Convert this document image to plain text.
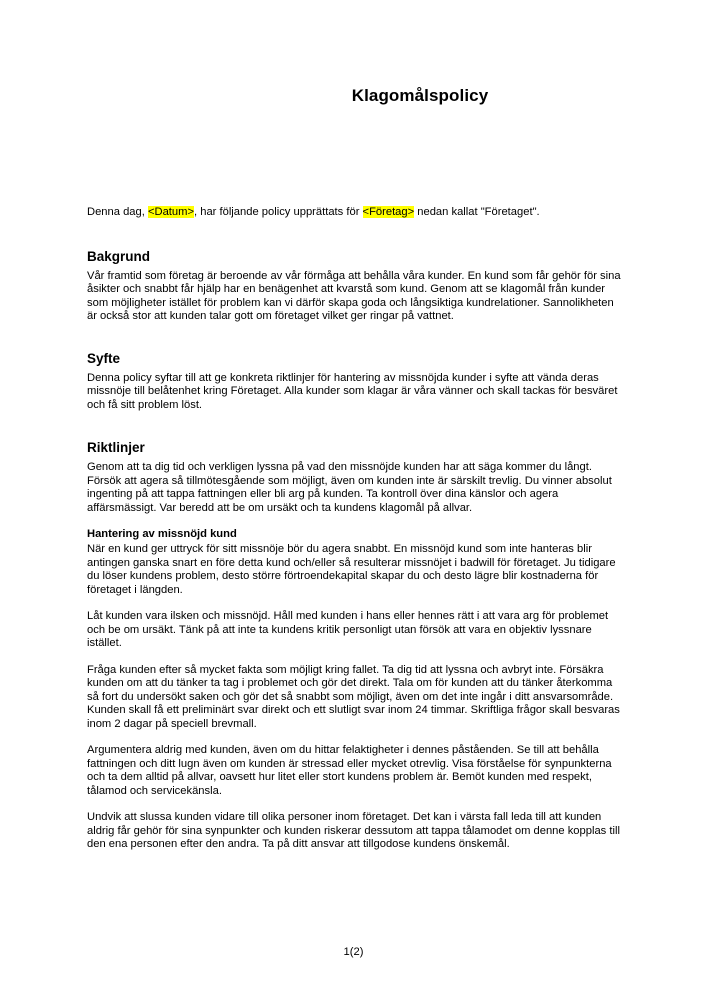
Klagomålspolicy

Denna dag, <Datum>, har följande policy upprättats för <Företag> nedan kallat "Företaget".

Bakgrund

Vår framtid som företag är beroende av vår förmåga att behålla våra kunder. En kund som får gehör för sina åsikter och snabbt får hjälp har en benägenhet att kvarstå som kund. Genom att se klagomål från kunder som möjligheter istället för problem kan vi därför skapa goda och långsiktiga kundrelationer. Sannolikheten är också stor att kunden talar gott om företaget vilket ger ringar på vattnet.

Syfte

Denna policy syftar till att ge konkreta riktlinjer för hantering av missnöjda kunder i syfte att vända deras missnöje till belåtenhet kring Företaget. Alla kunder som klagar är våra vänner och skall tackas för besväret och få sitt problem löst.

Riktlinjer

Genom att ta dig tid och verkligen lyssna på vad den missnöjde kunden har att säga kommer du långt. Försök att agera så tillmötesgående som möjligt, även om kunden inte är särskilt trevlig. Du vinner absolut ingenting på att tappa fattningen eller bli arg på kunden. Ta kontroll över dina känslor och agera affärsmässigt. Var beredd att be om ursäkt och ta kundens klagomål på allvar.

Hantering av missnöjd kund

När en kund ger uttryck för sitt missnöje bör du agera snabbt. En missnöjd kund som inte hanteras blir antingen ganska snart en före detta kund och/eller så resulterar missnöjet i badwill för företaget. Ju tidigare du löser kundens problem, desto större förtroendekapital skapar du och desto lägre blir kostnaderna för företaget i längden.

Låt kunden vara ilsken och missnöjd. Håll med kunden i hans eller hennes rätt i att vara arg för problemet och be om ursäkt. Tänk på att inte ta kundens kritik personligt utan försök att vara en objektiv lyssnare istället.

Fråga kunden efter så mycket fakta som möjligt kring fallet. Ta dig tid att lyssna och avbryt inte. Försäkra kunden om att du tänker ta tag i problemet och gör det direkt. Tala om för kunden att du tänker återkomma så fort du undersökt saken och gör det så snabbt som möjligt, även om det inte ingår i ditt ansvarsområde. Kunden skall få ett preliminärt svar direkt och ett slutligt svar inom 24 timmar. Skriftliga frågor skall besvaras inom 2 dagar på speciell brevmall.

Argumentera aldrig med kunden, även om du hittar felaktigheter i dennes påståenden. Se till att behålla fattningen och ditt lugn även om kunden är stressad eller mycket otrevlig. Visa förståelse för synpunkterna och ta dem alltid på allvar, oavsett hur litet eller stort kundens problem är. Bemöt kunden med respekt, tålamod och servicekänsla.

Undvik att slussa kunden vidare till olika personer inom företaget. Det kan i värsta fall leda till att kunden aldrig får gehör för sina synpunkter och kunden riskerar dessutom att tappa tålamodet om denne kopplas till den ena personen efter den andra. Ta på ditt ansvar att tillgodose kundens önskemål.

1(2)
